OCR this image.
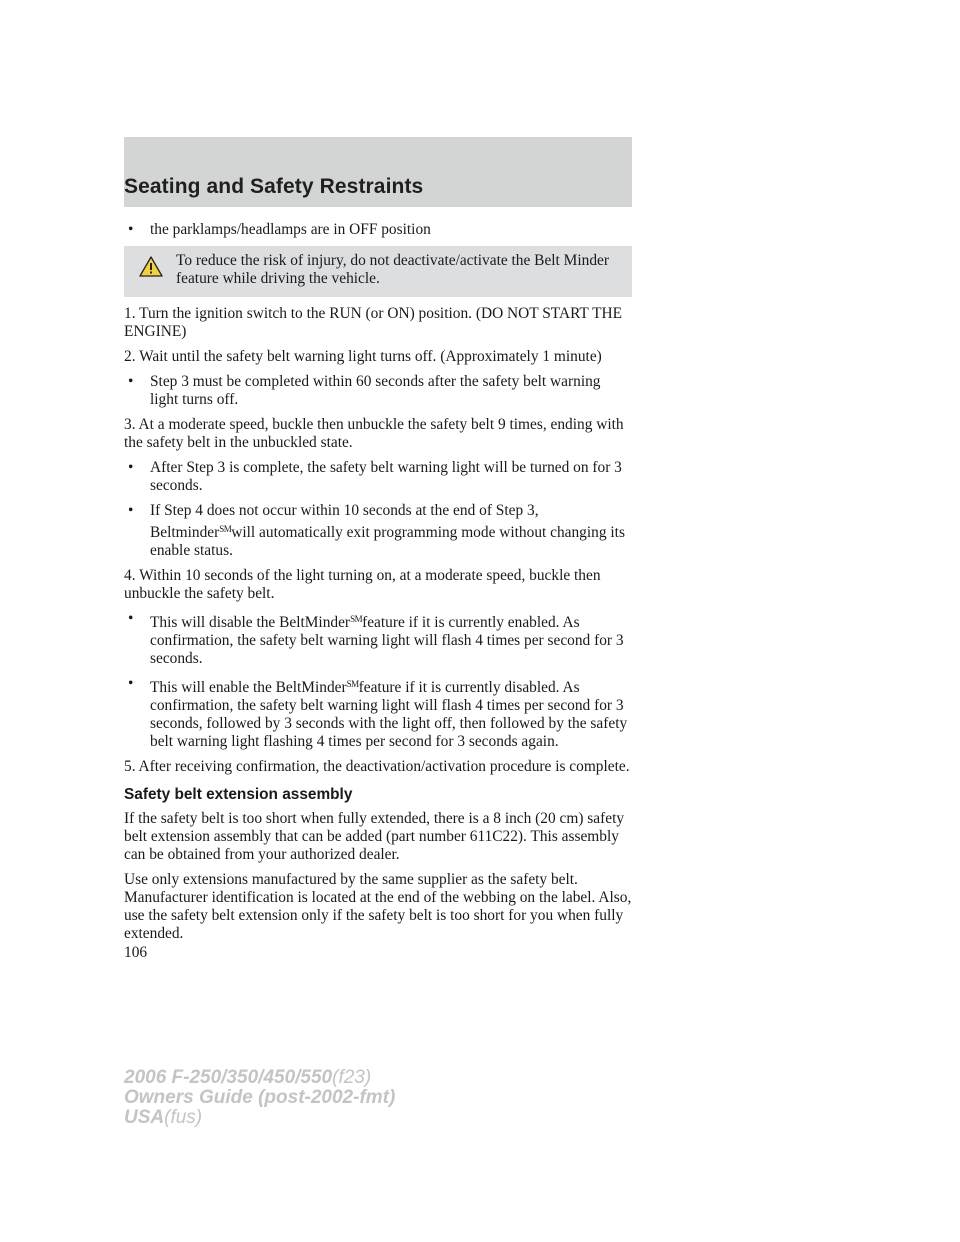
Seating and Safety Restraints
• the parklamps/headlamps are in OFF position
To reduce the risk of injury, do not deactivate/activate the Belt Minder feature while driving the vehicle.

1. Turn the ignition switch to the RUN (or ON) position. (DO NOT START THE ENGINE)

2. Wait until the safety belt warning light turns off. (Approximately 1 minute)

• Step 3 must be completed within 60 seconds after the safety belt warning light turns off.

3. At a moderate speed, buckle then unbuckle the safety belt 9 times, ending with the safety belt in the unbuckled state.

• After Step 3 is complete, the safety belt warning light will be turned on for 3 seconds.
• If Step 4 does not occur within 10 seconds at the end of Step 3, Beltminder℠will automatically exit programming mode without changing its enable status.

4. Within 10 seconds of the light turning on, at a moderate speed, buckle then unbuckle the safety belt.

• This will disable the BeltMinder℠feature if it is currently enabled. As confirmation, the safety belt warning light will flash 4 times per second for 3 seconds.
• This will enable the BeltMinder℠feature if it is currently disabled. As confirmation, the safety belt warning light will flash 4 times per second for 3 seconds, followed by 3 seconds with the light off, then followed by the safety belt warning light flashing 4 times per second for 3 seconds again.

5. After receiving confirmation, the deactivation/activation procedure is complete.

Safety belt extension assembly

If the safety belt is too short when fully extended, there is a 8 inch (20 cm) safety belt extension assembly that can be added (part number 611C22). This assembly can be obtained from your authorized dealer.

Use only extensions manufactured by the same supplier as the safety belt. Manufacturer identification is located at the end of the webbing on the label. Also, use the safety belt extension only if the safety belt is too short for you when fully extended.

106
2006 F-250/350/450/550(f23)
Owners Guide (post-2002-fmt)
USA(fus)
